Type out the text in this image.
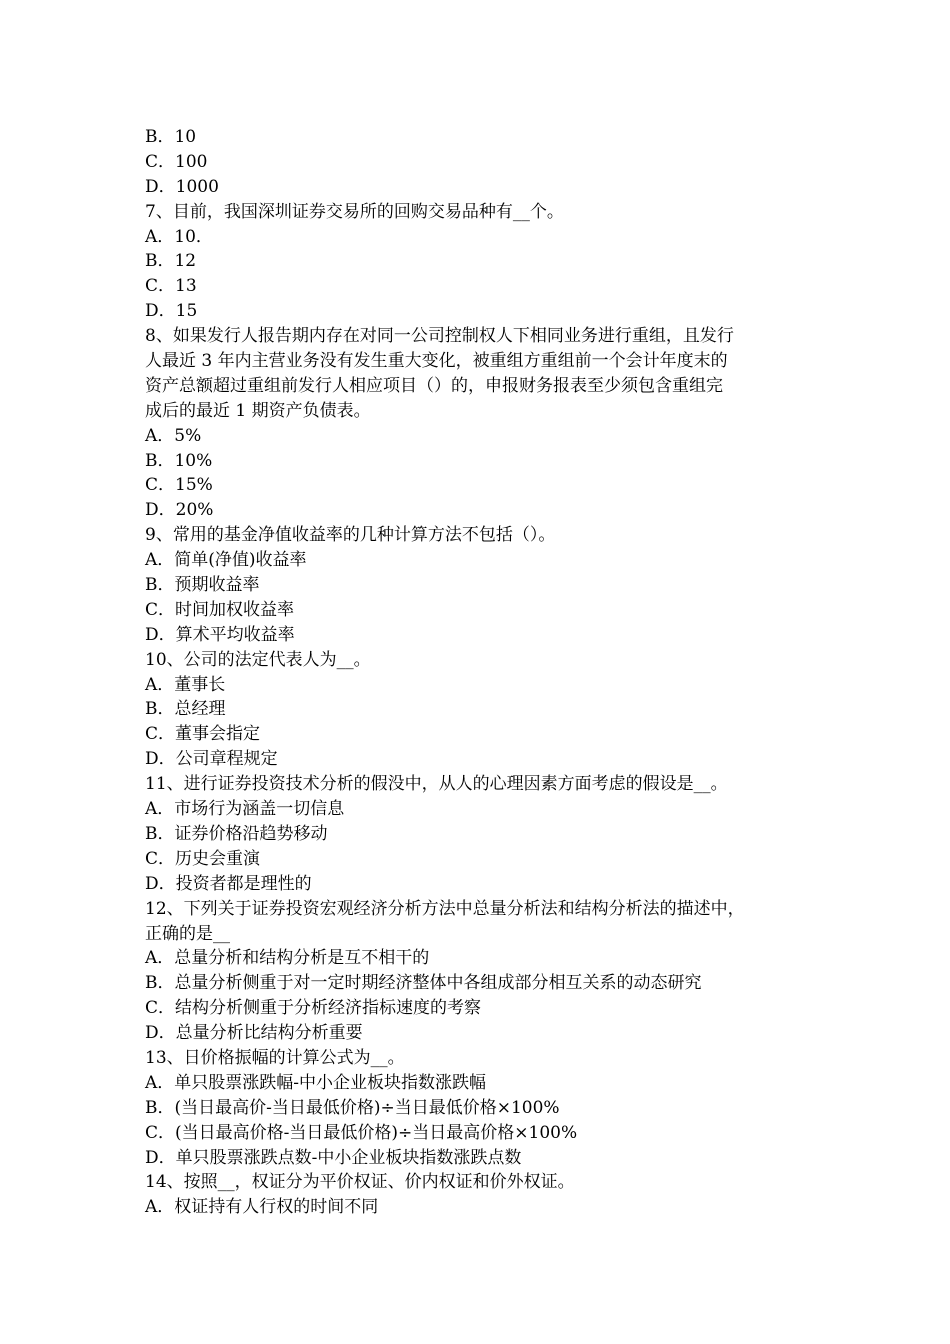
B．10
C．100
D．1000
7、目前，我国深圳证券交易所的回购交易品种有__个。
A．10．
B．12
C．13
D．15
8、如果发行人报告期内存在对同一公司控制权人下相同业务进行重组，且发行
人最近 3 年内主营业务没有发生重大变化，被重组方重组前一个会计年度末的
资产总额超过重组前发行人相应项目（）的，申报财务报表至少须包含重组完
成后的最近 1 期资产负债表。
A．5%
B．10%
C．15%
D．20%
9、常用的基金净值收益率的几种计算方法不包括（）。
A．简单(净值)收益率
B．预期收益率
C．时间加权收益率
D．算术平均收益率
10、公司的法定代表人为__。
A．董事长
B．总经理
C．董事会指定
D．公司章程规定
11、进行证券投资技术分析的假没中，从人的心理因素方面考虑的假设是__。
A．市场行为涵盖一切信息
B．证券价格沿趋势移动
C．历史会重演
D．投资者都是理性的
12、下列关于证券投资宏观经济分析方法中总量分析法和结构分析法的描述中，
正确的是__
A．总量分析和结构分析是互不相干的
B．总量分析侧重于对一定时期经济整体中各组成部分相互关系的动态研究
C．结构分析侧重于分析经济指标速度的考察
D．总量分析比结构分析重要
13、日价格振幅的计算公式为__。
A．单只股票涨跌幅-中小企业板块指数涨跌幅
B．(当日最高价-当日最低价格)÷当日最低价格×100%
C．(当日最高价格-当日最低价格)÷当日最高价格×100%
D．单只股票涨跌点数-中小企业板块指数涨跌点数
14、按照__，权证分为平价权证、价内权证和价外权证。
A．权证持有人行权的时间不同
